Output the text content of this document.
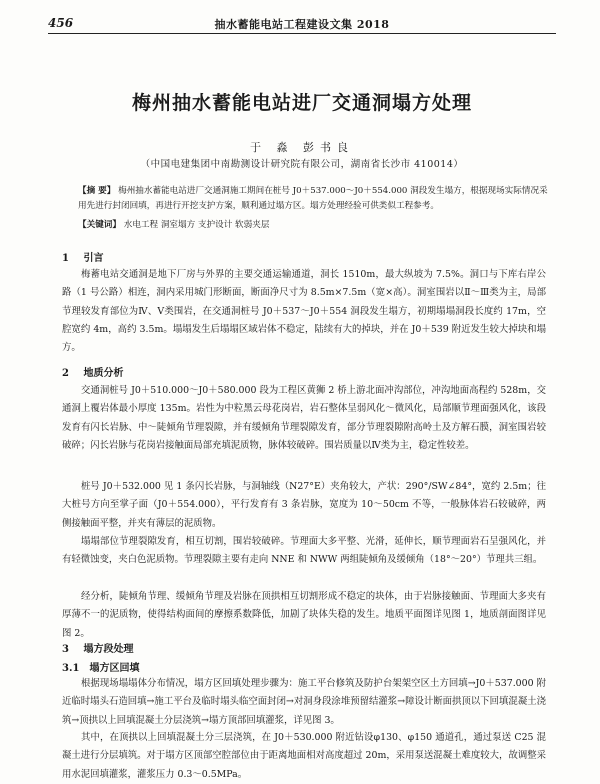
456	抽水蓄能电站工程建设文集 2018
梅州抽水蓄能电站进厂交通洞塌方处理
于 淼 彭书良
（中国电建集团中南勘测设计研究院有限公司，湖南省长沙市 410014）
【摘 要】 梅州抽水蓄能电站进厂交通洞施工期间在桩号 J0＋537.000～J0＋554.000 洞段发生塌方，根据现场实际情况采用先进行封闭回填，再进行开挖支护方案，顺利通过塌方区。塌方处理经验可供类似工程参考。
【关键词】 水电工程 洞室塌方 支护设计 软弱夹层
1 引言

梅蓄电站交通洞是地下厂房与外界的主要交通运输通道，洞长 1510m，最大纵坡为 7.5%。洞口与下库右岸公路（1 号公路）相连，洞内采用城门形断面，断面净尺寸为 8.5m×7.5m（宽×高）。洞室围岩以Ⅱ～Ⅲ类为主，局部节理较发育部位为Ⅳ、Ⅴ类围岩，在交通洞桩号 J0＋537～J0＋554 洞段发生塌方，初期塌塌洞段长度约 17m，空腔宽约 4m，高约 3.5m。塌塌发生后塌塌区域岩体不稳定，陆续有大的掉块，并在 J0＋539 附近发生较大掉块和塌方。

2 地质分析

交通洞桩号 J0＋510.000～J0＋580.000 段为工程区黄狮 2 桥上游北面冲沟部位，冲沟地面高程约 528m，交通洞上覆岩体最小厚度 135m。岩性为中粒黑云母花岗岩，岩石整体呈弱风化～微风化，局部顺节理面强风化，该段发育有闪长岩脉、中～陡倾角节理裂隙，并有缓倾角节理裂隙发育，部分节理裂隙附高岭土及方解石膜，洞室围岩较破碎；闪长岩脉与花岗岩接触面局部充填泥质物，脉体较破碎。围岩质量以Ⅳ类为主，稳定性较差。

桩号 J0＋532.000 见 1 条闪长岩脉，与洞轴线（N27°E）夹角较大，产状：290°/SW∠84°，宽约 2.5m；往大桩号方向至掌子面（J0＋554.000），平行发育有 3 条岩脉，宽度为 10～50cm 不等，一般脉体岩石较破碎，两侧接触面平整，并夹有薄层的泥质物。

塌塌部位节理裂隙发育，相互切割，围岩较破碎。节理面大多平整、光滑，延伸长，顺节理面岩石呈强风化，并有轻微蚀变，夹白色泥质物。节理裂隙主要有走向 NNE 和 NWW 两组陡倾角及缓倾角（18°～20°）节理共三组。

经分析，陡倾角节理、缓倾角节理及岩脉在顶拱相互切割形成不稳定的块体，由于岩脉接触面、节理面大多夹有厚薄不一的泥质物，使得结构面间的摩擦系数降低，加剧了块体失稳的发生。地质平面图详见图 1，地质剖面图详见图 2。

3 塌方段处理
3.1 塌方区回填

根据现场塌塌体分布情况，塌方区回填处理步骤为：施工平台修筑及防护台架架空区土方回填→J0＋537.000 附近临时塌头石造回填→施工平台及临时塌头临空面封闭→对洞身段涂堆预留结灌浆→障设计断面拱顶以下回填混凝土浇筑→顶拱以上回填混凝土分层浇筑→塌方顶部回填灌浆，详见图 3。

其中，在顶拱以上回填混凝土分三层浇筑，在 J0＋530.000 附近钻设φ130、φ150 通道孔，通过泵送 C25 混凝土进行分层填筑。对于塌方区顶部空腔部位由于距离地面相对高度超过 20m，采用泵送混凝土难度较大，故调整采用水泥回填灌浆，灌浆压力 0.3～0.5MPa。
